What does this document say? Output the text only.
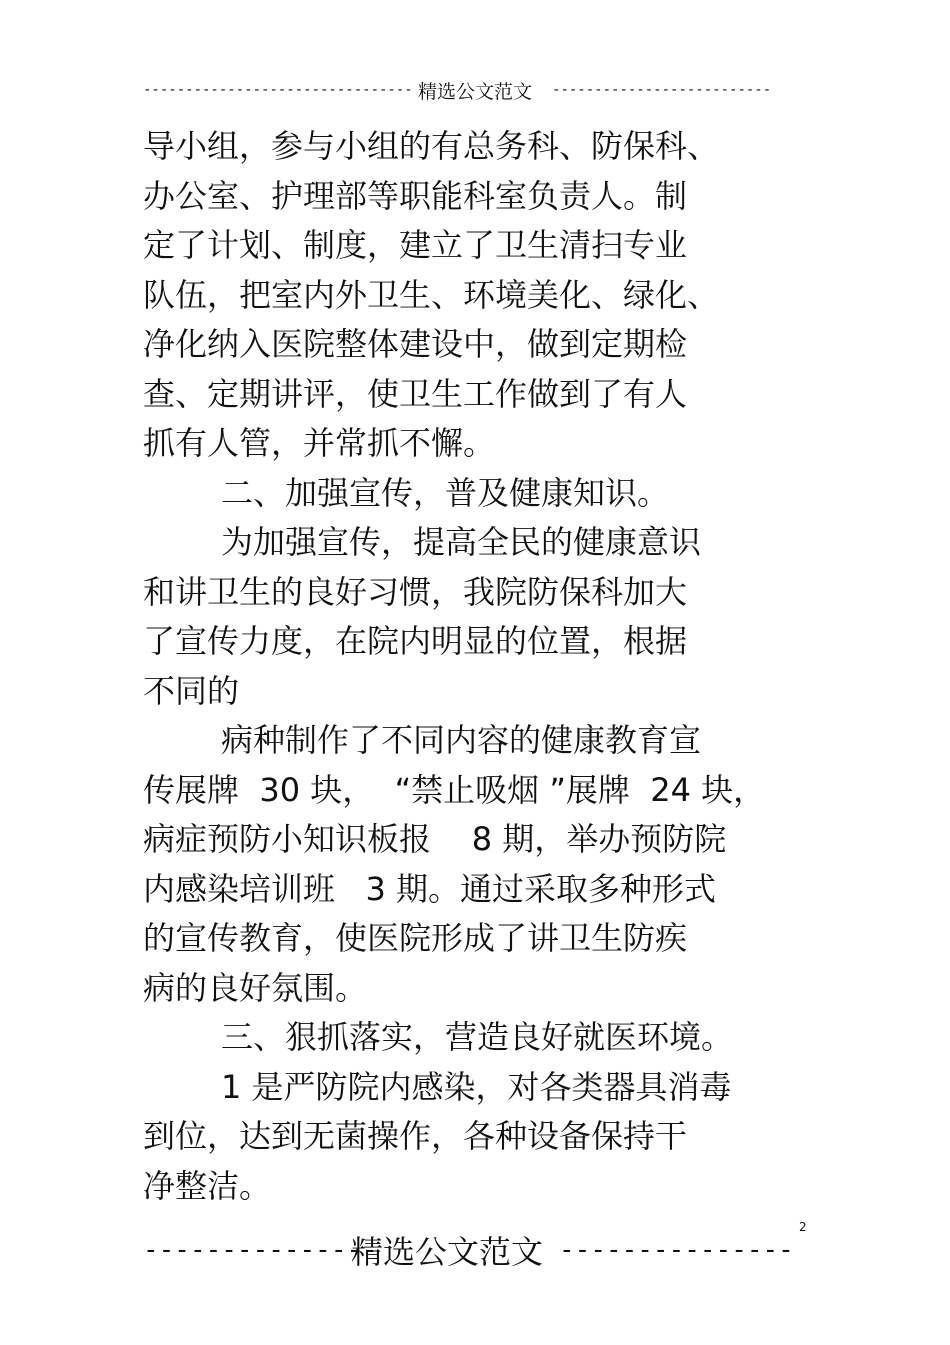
-------------------------------- 精选公文范文 --------------------------
导小组，参与小组的有总务科、防保科、
办公室、护理部等职能科室负责人。制
定了计划、制度，建立了卫生清扫专业
队伍，把室内外卫生、环境美化、绿化、
净化纳入医院整体建设中，做到定期检
查、定期讲评，使卫生工作做到了有人
抓有人管，并常抓不懈。
二、加强宣传，普及健康知识。
为加强宣传，提高全民的健康意识
和讲卫生的良好习惯，我院防保科加大
了宣传力度，在院内明显的位置，根据
不同的
病种制作了不同内容的健康教育宣
传展牌  30 块，  “禁止吸烟 ”展牌  24 块，
病症预防小知识板报    8 期，举办预防院
内感染培训班   3 期。通过采取多种形式
的宣传教育，使医院形成了讲卫生防疾
病的良好氛围。
三、狠抓落实，营造良好就医环境。
1 是严防院内感染，对各类器具消毒
到位，达到无菌操作，各种设备保持干
净整洁。
2
---------------
精选公文范文 ---------------
